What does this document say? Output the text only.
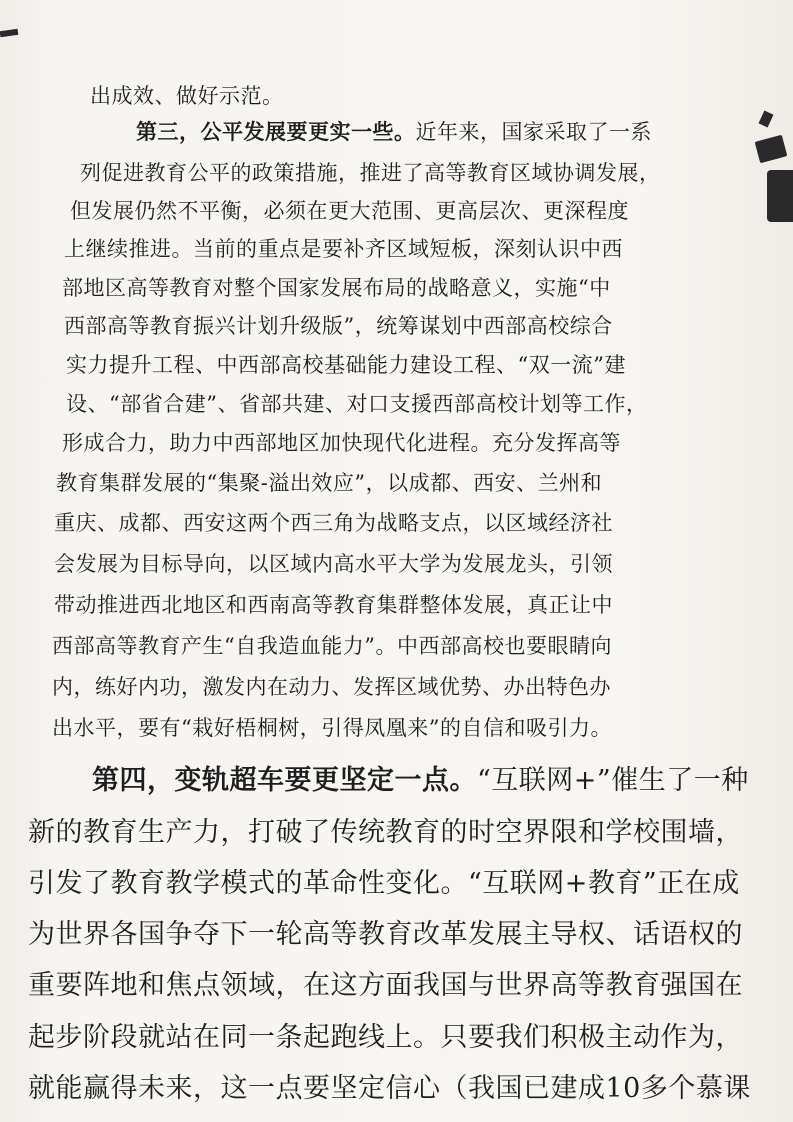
出成效、做好示范。
第三，公平发展要更实一些。近年来，国家采取了一系
列促进教育公平的政策措施，推进了高等教育区域协调发展，
但发展仍然不平衡，必须在更大范围、更高层次、更深程度
上继续推进。当前的重点是要补齐区域短板，深刻认识中西
部地区高等教育对整个国家发展布局的战略意义，实施“中
西部高等教育振兴计划升级版”，统筹谋划中西部高校综合
实力提升工程、中西部高校基础能力建设工程、“双一流”建
设、“部省合建”、省部共建、对口支援西部高校计划等工作，
形成合力，助力中西部地区加快现代化进程。充分发挥高等
教育集群发展的“集聚-溢出效应”，以成都、西安、兰州和
重庆、成都、西安这两个西三角为战略支点，以区域经济社
会发展为目标导向，以区域内高水平大学为发展龙头，引领
带动推进西北地区和西南高等教育集群整体发展，真正让中
西部高等教育产生“自我造血能力”。中西部高校也要眼睛向
内，练好内功，激发内在动力、发挥区域优势、办出特色办
出水平，要有“栽好梧桐树，引得凤凰来”的自信和吸引力。
第四，变轨超车要更坚定一点。“互联网+”催生了一种
新的教育生产力，打破了传统教育的时空界限和学校围墙，
引发了教育教学模式的革命性变化。“互联网+教育”正在成
为世界各国争夺下一轮高等教育改革发展主导权、话语权的
重要阵地和焦点领域，在这方面我国与世界高等教育强国在
起步阶段就站在同一条起跑线上。只要我们积极主动作为，
就能赢得未来，这一点要坚定信心（我国已建成10多个慕课
